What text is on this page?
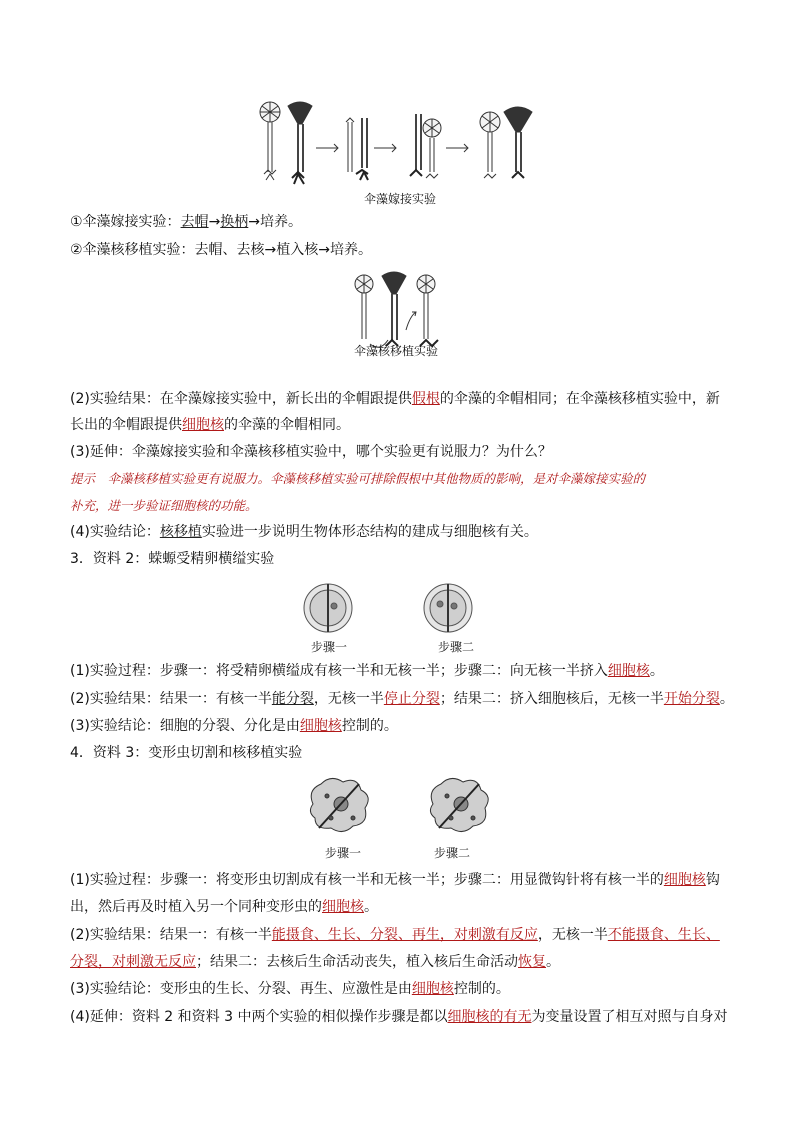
伞藻嫁接实验
①伞藻嫁接实验：去帽→换柄→培养。
②伞藻核移植实验：去帽、去核→植入核→培养。
伞藻核移植实验
(2)实验结果：在伞藻嫁接实验中，新长出的伞帽跟提供假根的伞藻的伞帽相同；在伞藻核移植实验中，新
长出的伞帽跟提供细胞核的伞藻的伞帽相同。
(3)延伸：伞藻嫁接实验和伞藻核移植实验中，哪个实验更有说服力？为什么？
提示　伞藻核移植实验更有说服力。伞藻核移植实验可排除假根中其他物质的影响，是对伞藻嫁接实验的
补充，进一步验证细胞核的功能。
(4)实验结论：核移植实验进一步说明生物体形态结构的建成与细胞核有关。
3．资料 2：蝾螈受精卵横缢实验
步骤一	步骤二
(1)实验过程：步骤一：将受精卵横缢成有核一半和无核一半；步骤二：向无核一半挤入细胞核。
(2)实验结果：结果一：有核一半能分裂，无核一半停止分裂；结果二：挤入细胞核后，无核一半开始分裂。
(3)实验结论：细胞的分裂、分化是由细胞核控制的。
4．资料 3：变形虫切割和核移植实验
步骤一	步骤二
(1)实验过程：步骤一：将变形虫切割成有核一半和无核一半；步骤二：用显微钩针将有核一半的细胞核钩
出，然后再及时植入另一个同种变形虫的细胞核。
(2)实验结果：结果一：有核一半能摄食、生长、分裂、再生，对刺激有反应，无核一半不能摄食、生长、
分裂，对刺激无反应；结果二：去核后生命活动丧失，植入核后生命活动恢复。
(3)实验结论：变形虫的生长、分裂、再生、应激性是由细胞核控制的。
(4)延伸：资料 2 和资料 3 中两个实验的相似操作步骤是都以细胞核的有无为变量设置了相互对照与自身对
